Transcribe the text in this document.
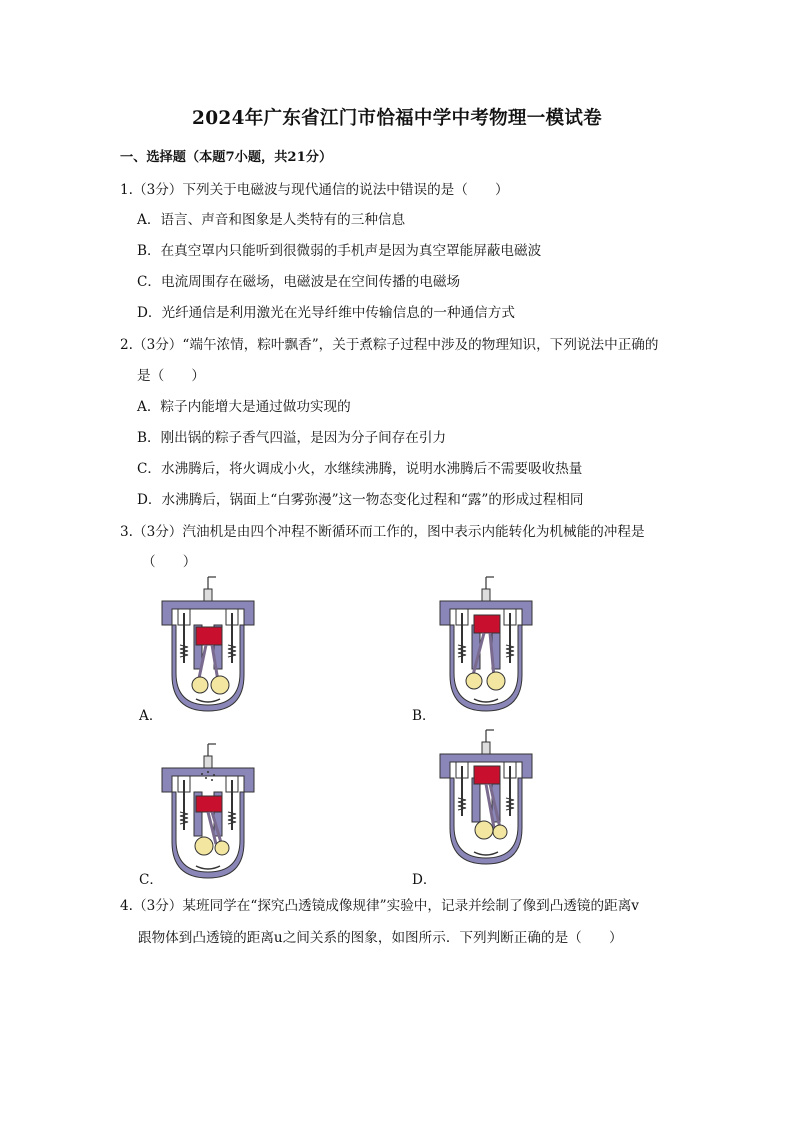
2024年广东省江门市恰福中学中考物理一模试卷
一、选择题（本题7小题，共21分）
1.（3分）下列关于电磁波与现代通信的说法中错误的是（　　）
A．语言、声音和图象是人类特有的三种信息
B．在真空罩内只能听到很微弱的手机声是因为真空罩能屏蔽电磁波
C．电流周围存在磁场，电磁波是在空间传播的电磁场
D．光纤通信是利用激光在光导纤维中传输信息的一种通信方式
2.（3分）“端午浓情，粽叶飘香”，关于煮粽子过程中涉及的物理知识，下列说法中正确的
是（　　）
A．粽子内能增大是通过做功实现的
B．刚出锅的粽子香气四溢，是因为分子间存在引力
C．水沸腾后，将火调成小火，水继续沸腾，说明水沸腾后不需要吸收热量
D．水沸腾后，锅面上“白雾弥漫”这一物态变化过程和“露”的形成过程相同
3.（3分）汽油机是由四个冲程不断循环而工作的，图中表示内能转化为机械能的冲程是
（　　）
A．	B．
C．	D．
4.（3分）某班同学在“探究凸透镜成像规律”实验中，记录并绘制了像到凸透镜的距离v
跟物体到凸透镜的距离u之间关系的图象，如图所示．下列判断正确的是（　　）
